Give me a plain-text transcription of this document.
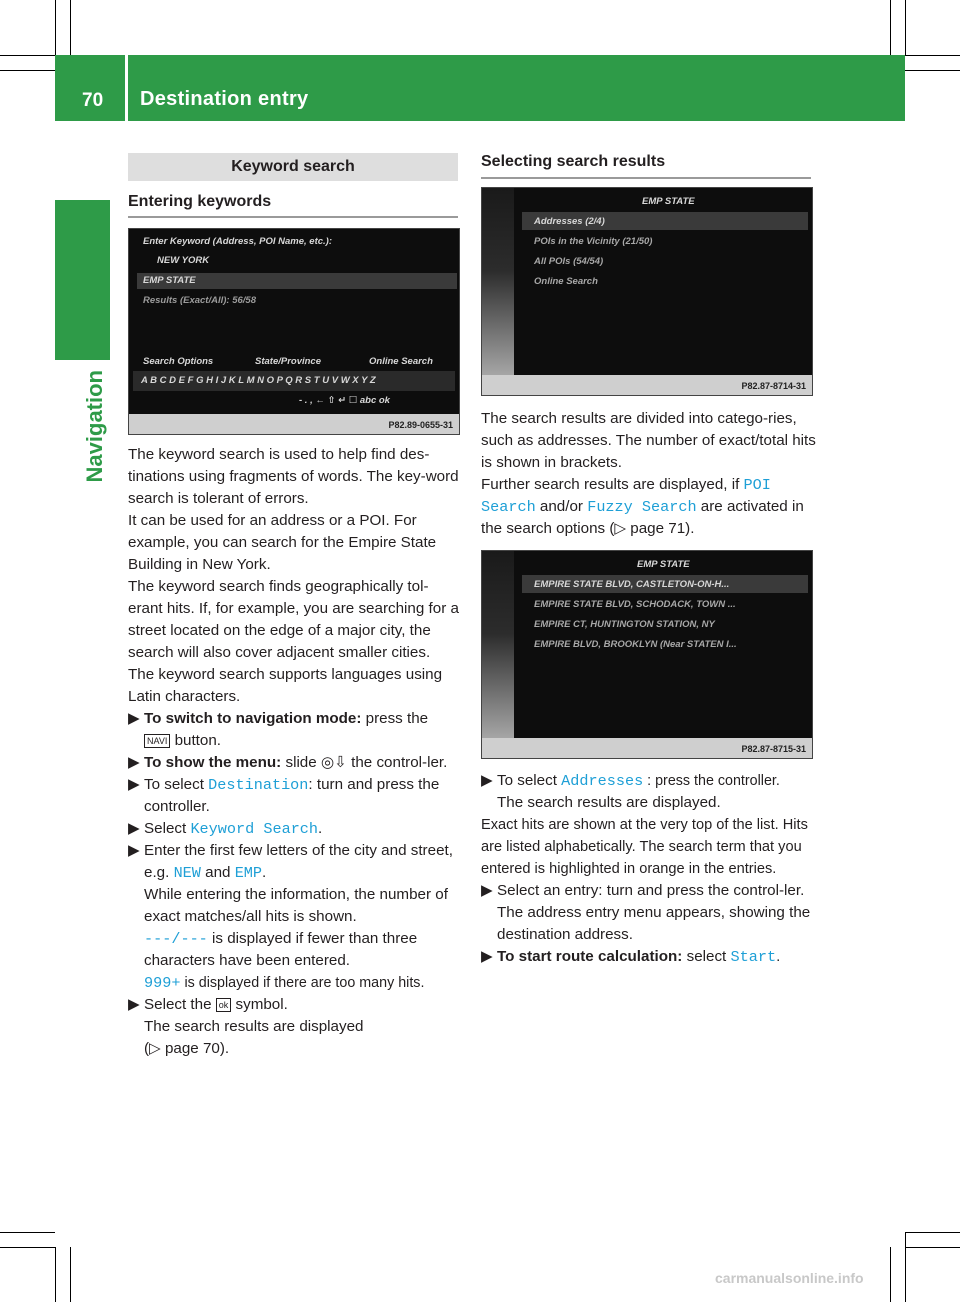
70 Destination entry
Navigation
Keyword search
Entering keywords
Enter Keyword (Address, POI Name, etc.):
NEW YORK
EMP STATE
Results (Exact/All): 56/58
Search Options	State/Province	Online Search
A B C D E F G H I J K L M N O P Q R S T U V W X Y Z
- . , ← ⇧ ↵ ☐ abc ok
P82.89-0655-31

The keyword search is used to help find des-tinations using fragments of words. The key-word search is tolerant of errors.

It can be used for an address or a POI. For example, you can search for the Empire State Building in New York.

The keyword search finds geographically tol-erant hits. If, for example, you are searching for a street located on the edge of a major city, the search will also cover adjacent smaller cities.

The keyword search supports languages using Latin characters.

▶ To switch to navigation mode: press the
NAVI button.

▶ To show the menu: slide ◎⇩ the control-ler.

▶ To select Destination: turn and press the controller.

▶ Select Keyword Search.

▶ Enter the first few letters of the city and street, e.g. NEW and EMP.
While entering the information, the number of exact matches/all hits is shown.
---/--- is displayed if fewer than three characters have been entered.
999+ is displayed if there are too many hits.

▶ Select the ok symbol.
The search results are displayed
(▷ page 70).

Selecting search results
EMP STATE
Addresses (2/4)
POIs in the Vicinity (21/50)
All POIs (54/54)
Online Search
P82.87-8714-31

The search results are divided into catego-ries, such as addresses. The number of exact/total hits is shown in brackets.

Further search results are displayed, if POI Search and/or Fuzzy Search are activated in the search options (▷ page 71).

EMP STATE
EMPIRE STATE BLVD, CASTLETON-ON-H...
EMPIRE STATE BLVD, SCHODACK, TOWN ...
EMPIRE CT, HUNTINGTON STATION, NY
EMPIRE BLVD, BROOKLYN (Near STATEN I...
P82.87-8715-31

▶ To select Addresses : press the controller.
The search results are displayed.

Exact hits are shown at the very top of the list. Hits are listed alphabetically. The search term that you entered is highlighted in orange in the entries.

▶ Select an entry: turn and press the control-ler.
The address entry menu appears, showing the destination address.

▶ To start route calculation: select Start.

carmanualsonline.info
